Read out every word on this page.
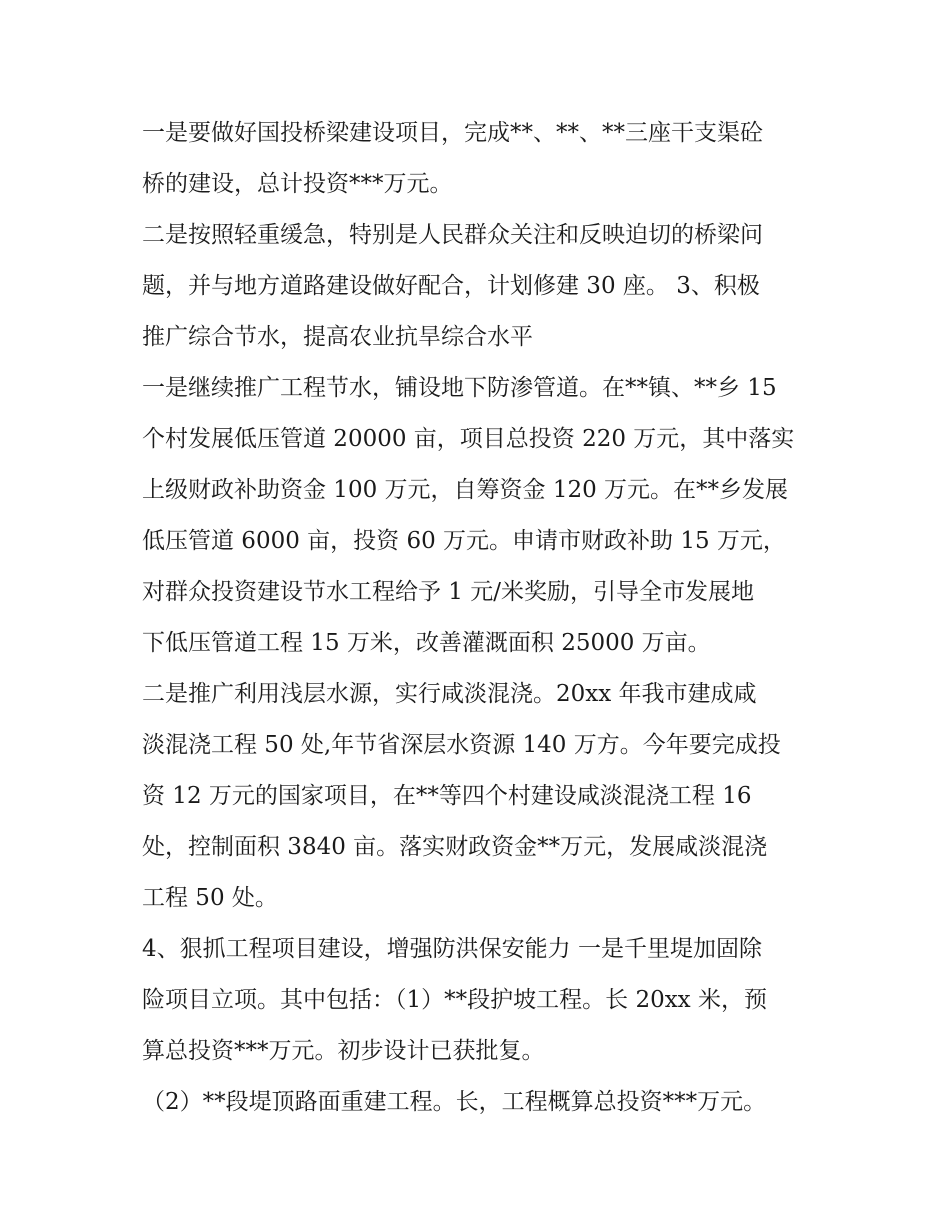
一是要做好国投桥梁建设项目，完成**、**、**三座干支渠砼
桥的建设，总计投资***万元。
二是按照轻重缓急，特别是人民群众关注和反映迫切的桥梁问
题，并与地方道路建设做好配合，计划修建 30 座。 3、积极
推广综合节水，提高农业抗旱综合水平
一是继续推广工程节水，铺设地下防渗管道。在**镇、**乡 15
个村发展低压管道 20000 亩，项目总投资 220 万元，其中落实
上级财政补助资金 100 万元，自筹资金 120 万元。在**乡发展
低压管道 6000 亩，投资 60 万元。申请市财政补助 15 万元，
对群众投资建设节水工程给予 1 元/米奖励，引导全市发展地
下低压管道工程 15 万米，改善灌溉面积 25000 万亩。
二是推广利用浅层水源，实行咸淡混浇。20xx 年我市建成咸
淡混浇工程 50 处,年节省深层水资源 140 万方。今年要完成投
资 12 万元的国家项目，在**等四个村建设咸淡混浇工程 16
处，控制面积 3840 亩。落实财政资金**万元，发展咸淡混浇
工程 50 处。
4、狠抓工程项目建设，增强防洪保安能力 一是千里堤加固除
险项目立项。其中包括：（1）**段护坡工程。长 20xx 米，预
算总投资***万元。初步设计已获批复。
（2）**段堤顶路面重建工程。长，工程概算总投资***万元。
